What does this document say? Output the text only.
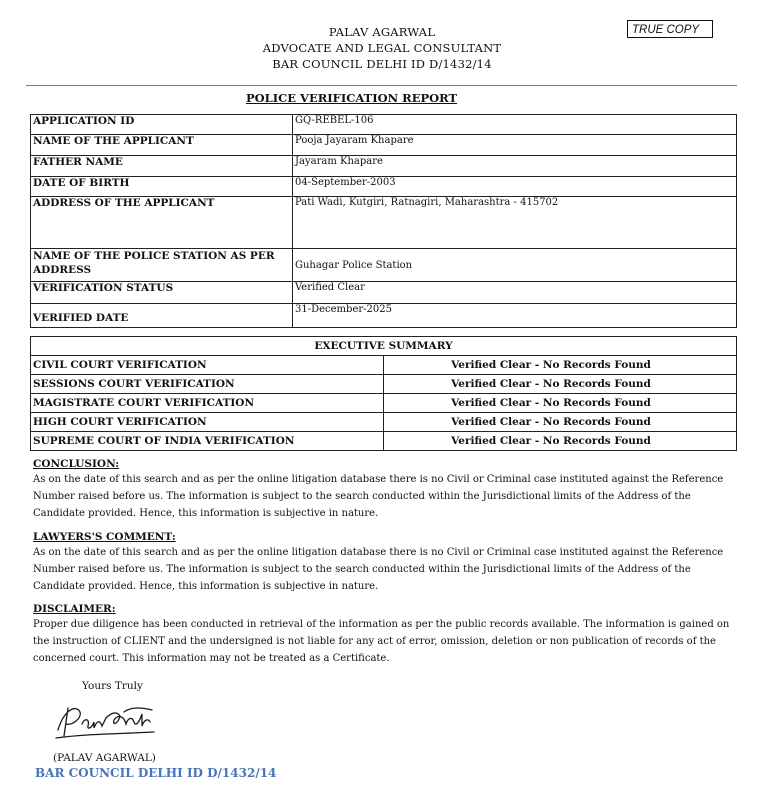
PALAV AGARWAL
ADVOCATE AND LEGAL CONSULTANT
BAR COUNCIL DELHI ID D/1432/14
TRUE COPY
POLICE VERIFICATION REPORT
APPLICATION ID	GQ-REBEL-106
NAME OF THE APPLICANT	Pooja Jayaram Khapare
FATHER NAME	Jayaram Khapare
DATE OF BIRTH	04-September-2003
ADDRESS OF THE APPLICANT	Pati Wadi, Kutgiri, Ratnagiri, Maharashtra - 415702
NAME OF THE POLICE STATION AS PER ADDRESS	Guhagar Police Station
VERIFICATION STATUS	Verified Clear
VERIFIED DATE	31-December-2025
EXECUTIVE SUMMARY	
CIVIL COURT VERIFICATION	Verified Clear - No Records Found
SESSIONS COURT VERIFICATION	Verified Clear - No Records Found
MAGISTRATE COURT VERIFICATION	Verified Clear - No Records Found
HIGH COURT VERIFICATION	Verified Clear - No Records Found
SUPREME COURT OF INDIA VERIFICATION	Verified Clear - No Records Found
CONCLUSION:
As on the date of this search and as per the online litigation database there is no Civil or Criminal case instituted against the Reference Number raised before us. The information is subject to the search conducted within the Jurisdictional limits of the Address of the Candidate provided. Hence, this information is subjective in nature.
LAWYERS'S COMMENT:
As on the date of this search and as per the online litigation database there is no Civil or Criminal case instituted against the Reference Number raised before us. The information is subject to the search conducted within the Jurisdictional limits of the Address of the Candidate provided. Hence, this information is subjective in nature.
DISCLAIMER:
Proper due diligence has been conducted in retrieval of the information as per the public records available. The information is gained on the instruction of CLIENT and the undersigned is not liable for any act of error, omission, deletion or non publication of records of the concerned court. This information may not be treated as a Certificate.
Yours Truly
(PALAV AGARWAL)
BAR COUNCIL DELHI ID D/1432/14
